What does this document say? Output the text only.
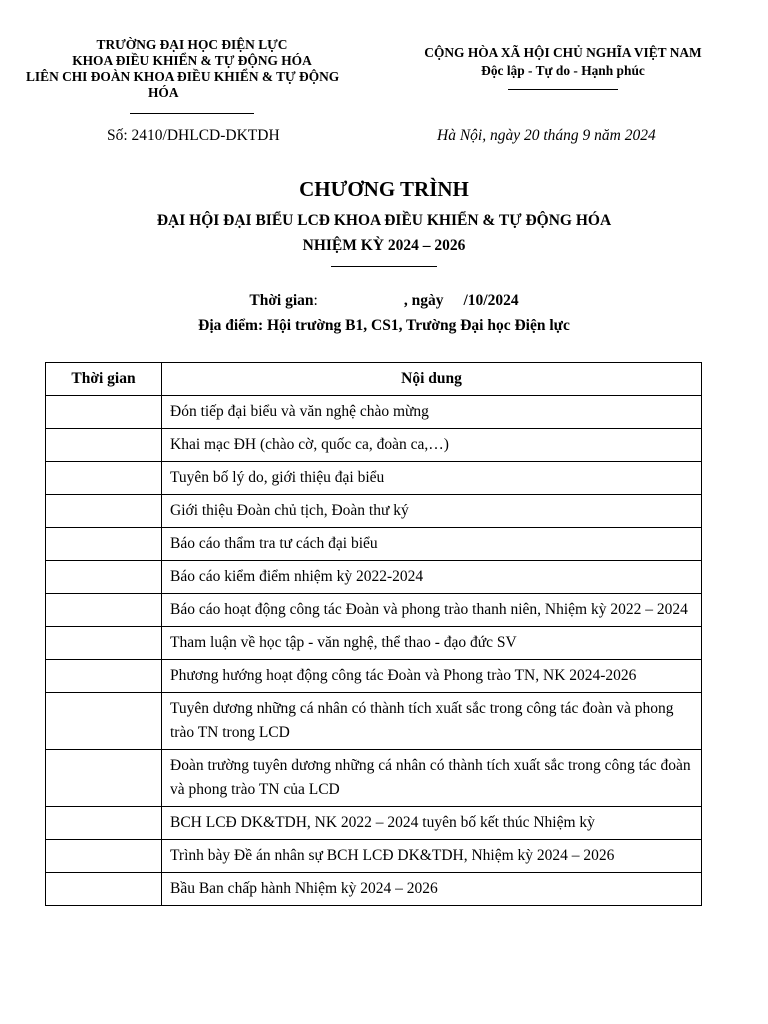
TRƯỜNG ĐẠI HỌC ĐIỆN LỰC
KHOA ĐIỀU KHIỂN & TỰ ĐỘNG HÓA
LIÊN CHI ĐOÀN KHOA ĐIỀU KHIỂN & TỰ ĐỘNG
HÓA
CỘNG HÒA XÃ HỘI CHỦ NGHĨA VIỆT NAM
Độc lập - Tự do - Hạnh phúc
Số: 2410/DHLCD-DKTDH	Hà Nội, ngày 20 tháng 9 năm 2024
CHƯƠNG TRÌNH
ĐẠI HỘI ĐẠI BIỂU LCĐ KHOA ĐIỀU KHIỂN & TỰ ĐỘNG HÓA
NHIỆM KỲ 2024 – 2026
Thời gian:	, ngày /10/2024
Địa điểm: Hội trường B1, CS1, Trường Đại học Điện lực
Thời gian	Nội dung
	Đón tiếp đại biểu và văn nghệ chào mừng
	Khai mạc ĐH (chào cờ, quốc ca, đoàn ca,…)
	Tuyên bố lý do, giới thiệu đại biểu
	Giới thiệu Đoàn chủ tịch, Đoàn thư ký
	Báo cáo thẩm tra tư cách đại biểu
	Báo cáo kiểm điểm nhiệm kỳ 2022-2024
	Báo cáo hoạt động công tác Đoàn và phong trào thanh niên, Nhiệm kỳ 2022 – 2024
	Tham luận về học tập - văn nghệ, thể thao - đạo đức SV
	Phương hướng hoạt động công tác Đoàn và Phong trào TN, NK 2024-2026
	Tuyên dương những cá nhân có thành tích xuất sắc trong công tác đoàn và phong trào TN trong LCD
	Đoàn trường tuyên dương những cá nhân có thành tích xuất sắc trong công tác đoàn và phong trào TN của LCD
	BCH LCĐ DK&TDH, NK 2022 – 2024 tuyên bố kết thúc Nhiệm kỳ
	Trình bày Đề án nhân sự BCH LCĐ DK&TDH, Nhiệm kỳ 2024 – 2026
	Bầu Ban chấp hành Nhiệm kỳ 2024 – 2026
